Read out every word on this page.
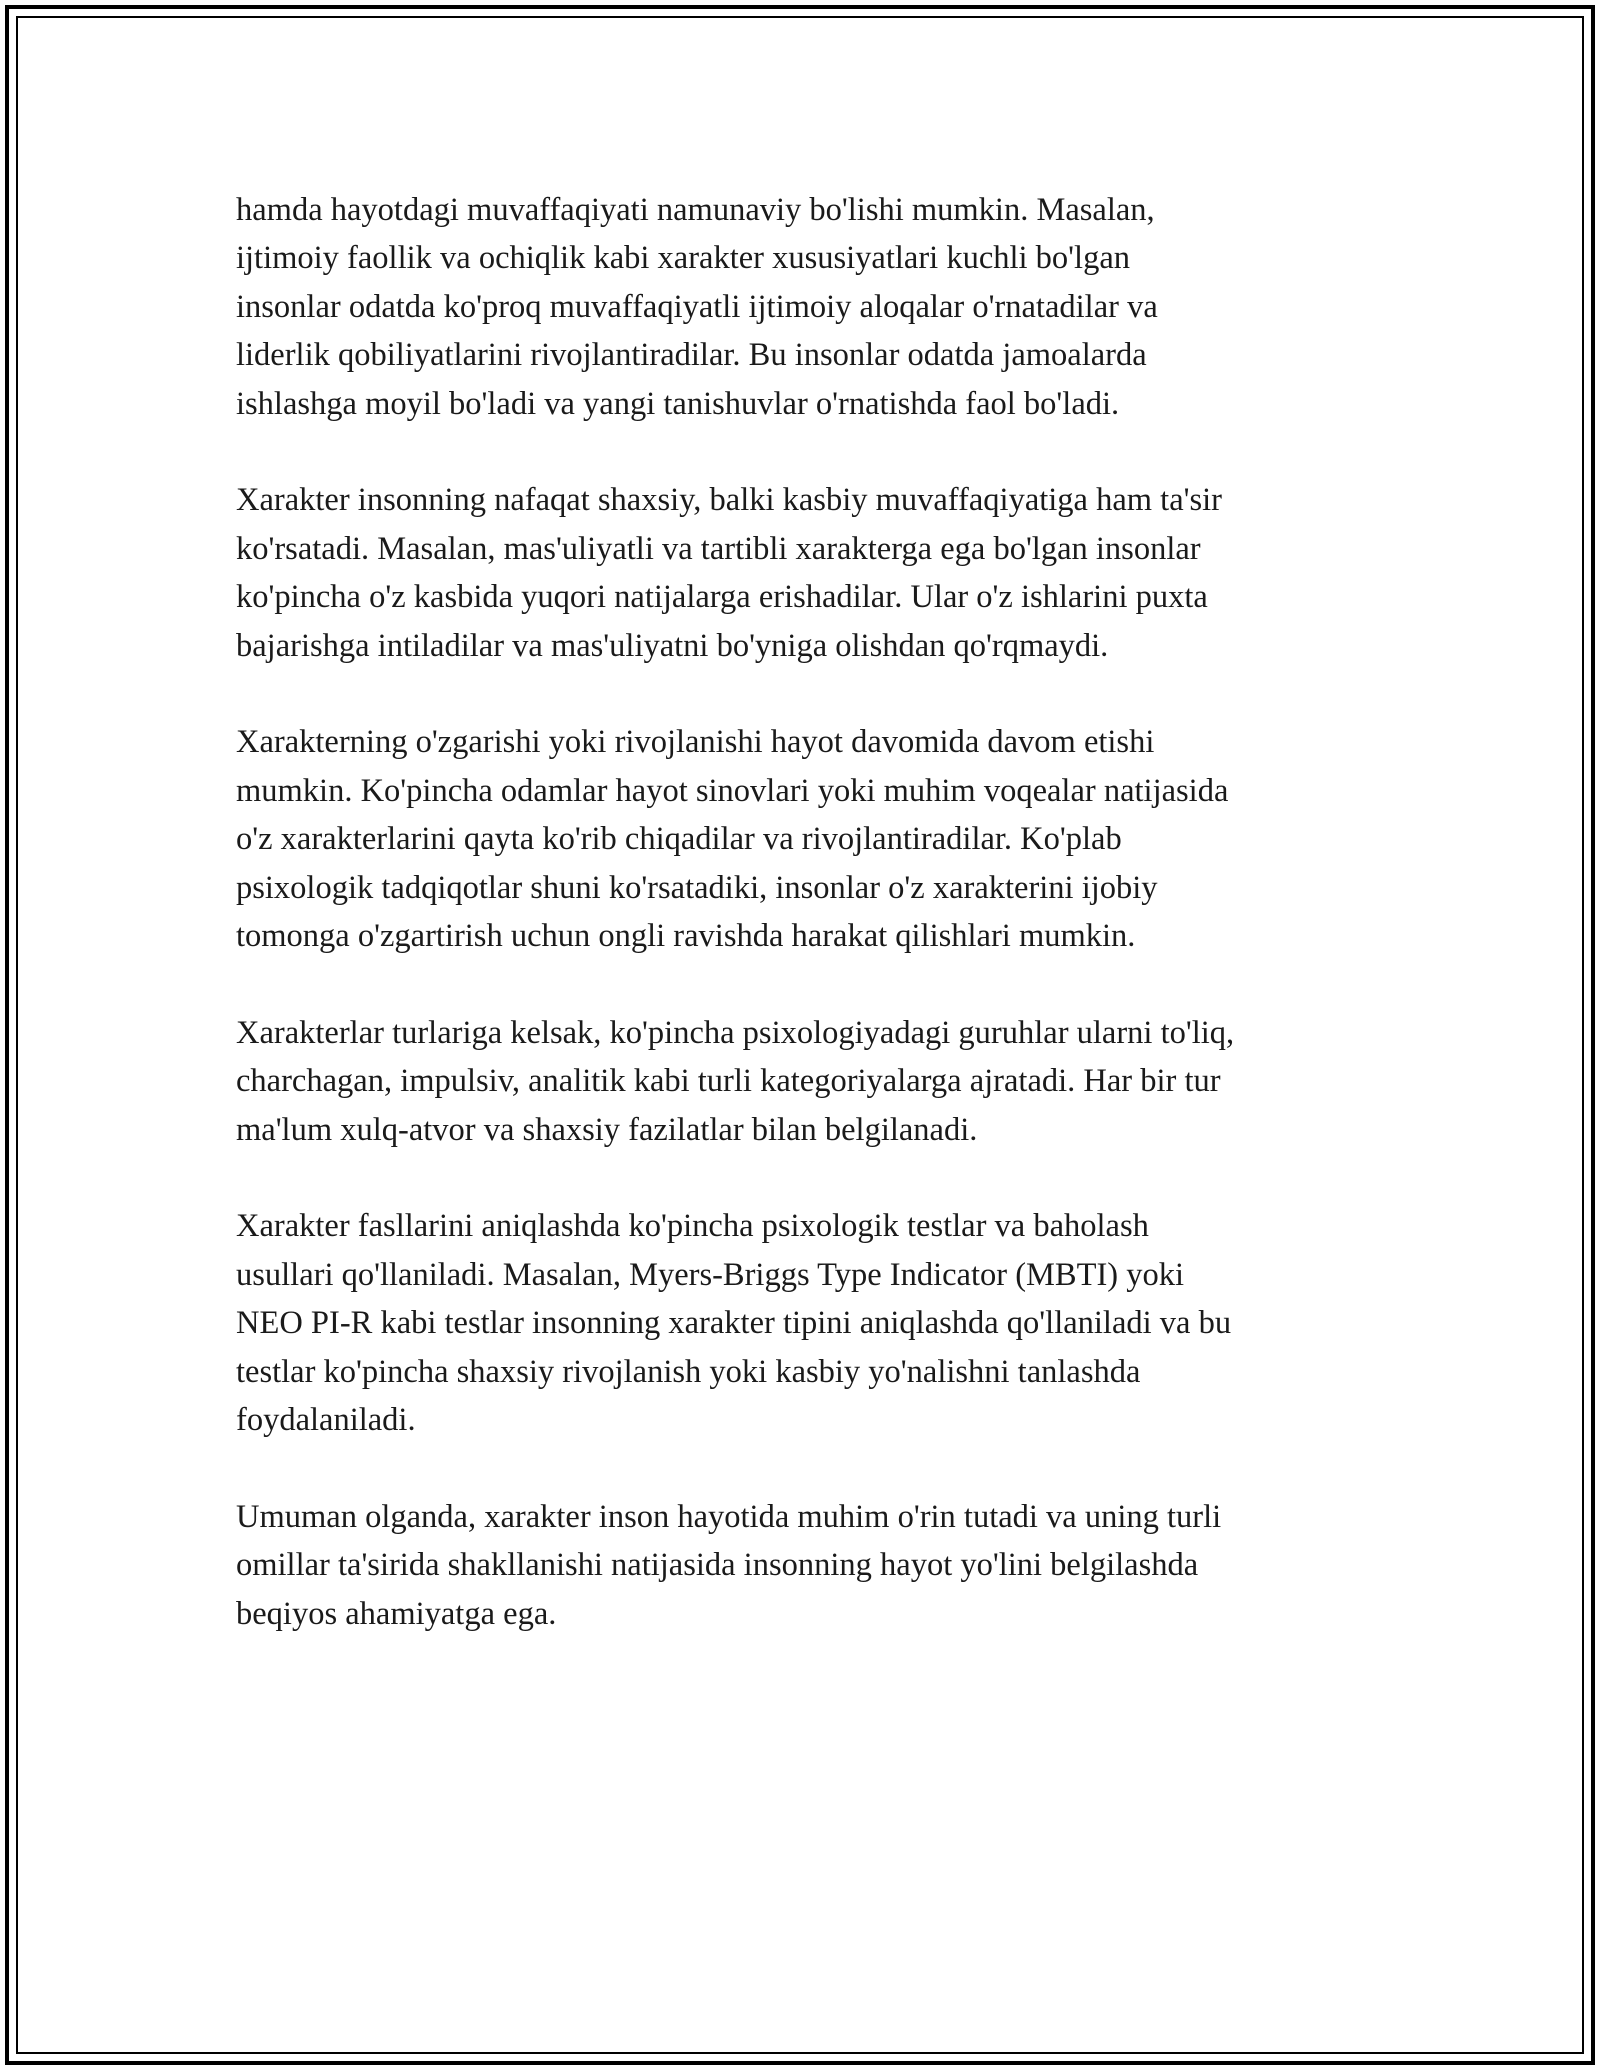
hamda hayotdagi muvaffaqiyati namunaviy bo'lishi mumkin. Masalan,
ijtimoiy faollik va ochiqlik kabi xarakter xususiyatlari kuchli bo'lgan
insonlar odatda ko'proq muvaffaqiyatli ijtimoiy aloqalar o'rnatadilar va
liderlik qobiliyatlarini rivojlantiradilar. Bu insonlar odatda jamoalarda
ishlashga moyil bo'ladi va yangi tanishuvlar o'rnatishda faol bo'ladi.

Xarakter insonning nafaqat shaxsiy, balki kasbiy muvaffaqiyatiga ham ta'sir
ko'rsatadi. Masalan, mas'uliyatli va tartibli xarakterga ega bo'lgan insonlar
ko'pincha o'z kasbida yuqori natijalarga erishadilar. Ular o'z ishlarini puxta
bajarishga intiladilar va mas'uliyatni bo'yniga olishdan qo'rqmaydi.

Xarakterning o'zgarishi yoki rivojlanishi hayot davomida davom etishi
mumkin. Ko'pincha odamlar hayot sinovlari yoki muhim voqealar natijasida
o'z xarakterlarini qayta ko'rib chiqadilar va rivojlantiradilar. Ko'plab
psixologik tadqiqotlar shuni ko'rsatadiki, insonlar o'z xarakterini ijobiy
tomonga o'zgartirish uchun ongli ravishda harakat qilishlari mumkin.

Xarakterlar turlariga kelsak, ko'pincha psixologiyadagi guruhlar ularni to'liq,
charchagan, impulsiv, analitik kabi turli kategoriyalarga ajratadi. Har bir tur
ma'lum xulq-atvor va shaxsiy fazilatlar bilan belgilanadi.

Xarakter fasllarini aniqlashda ko'pincha psixologik testlar va baholash
usullari qo'llaniladi. Masalan, Myers-Briggs Type Indicator (MBTI) yoki
NEO PI-R kabi testlar insonning xarakter tipini aniqlashda qo'llaniladi va bu
testlar ko'pincha shaxsiy rivojlanish yoki kasbiy yo'nalishni tanlashda
foydalaniladi.

Umuman olganda, xarakter inson hayotida muhim o'rin tutadi va uning turli
omillar ta'sirida shakllanishi natijasida insonning hayot yo'lini belgilashda
beqiyos ahamiyatga ega.
